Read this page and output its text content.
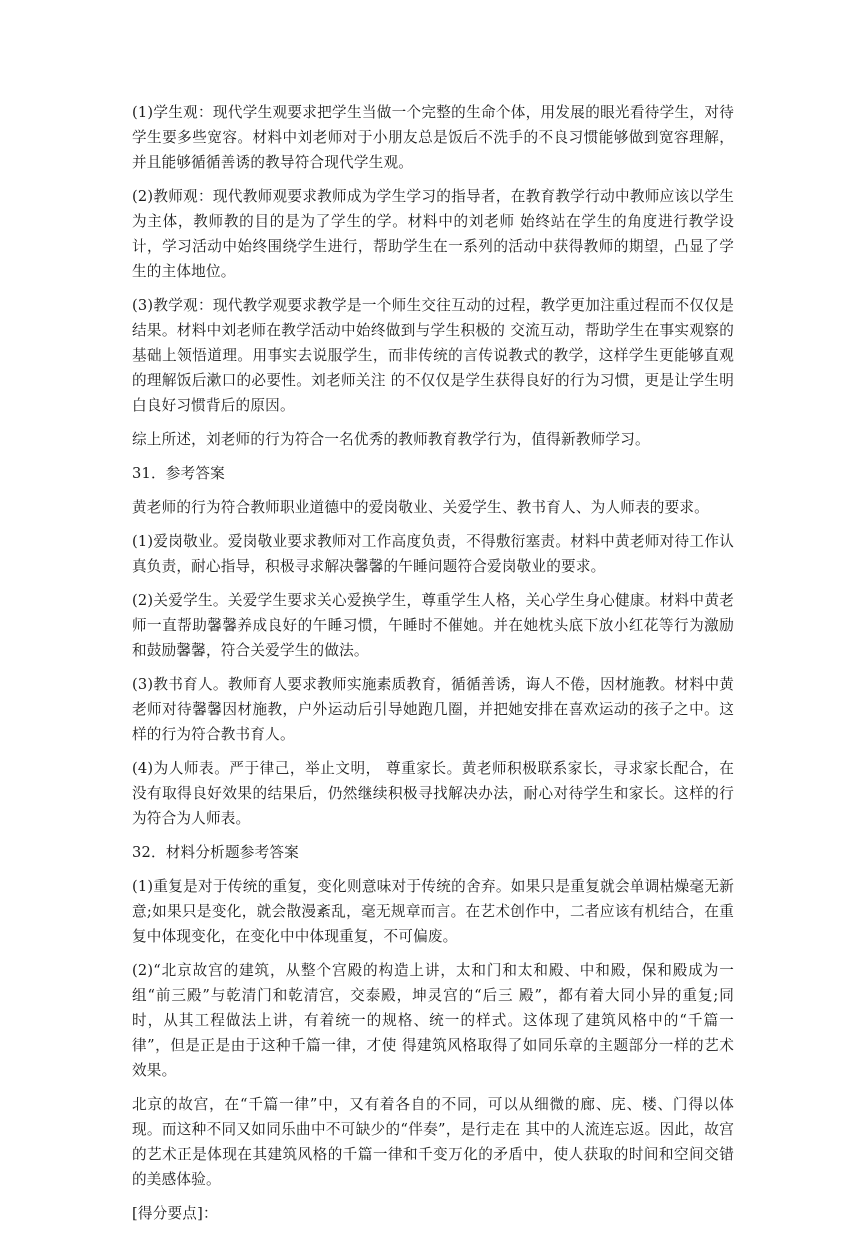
(1)学生观：现代学生观要求把学生当做一个完整的生命个体，用发展的眼光看待学生，对待学生要多些宽容。材料中刘老师对于小朋友总是饭后不洗手的不良习惯能够做到宽容理解，并且能够循循善诱的教导符合现代学生观。

(2)教师观：现代教师观要求教师成为学生学习的指导者，在教育教学行动中教师应该以学生为主体，教师教的目的是为了学生的学。材料中的刘老师 始终站在学生的角度进行教学设计，学习活动中始终围绕学生进行，帮助学生在一系列的活动中获得教师的期望，凸显了学生的主体地位。

(3)教学观：现代教学观要求教学是一个师生交往互动的过程，教学更加注重过程而不仅仅是结果。材料中刘老师在教学活动中始终做到与学生积极的 交流互动，帮助学生在事实观察的基础上领悟道理。用事实去说服学生，而非传统的言传说教式的教学，这样学生更能够直观的理解饭后漱口的必要性。刘老师关注 的不仅仅是学生获得良好的行为习惯，更是让学生明白良好习惯背后的原因。

综上所述，刘老师的行为符合一名优秀的教师教育教学行为，值得新教师学习。

31．参考答案

黄老师的行为符合教师职业道德中的爱岗敬业、关爱学生、教书育人、为人师表的要求。

(1)爱岗敬业。爱岗敬业要求教师对工作高度负责，不得敷衍塞责。材料中黄老师对待工作认真负责，耐心指导，积极寻求解决馨馨的午睡问题符合爱岗敬业的要求。

(2)关爱学生。关爱学生要求关心爱换学生，尊重学生人格，关心学生身心健康。材料中黄老师一直帮助馨馨养成良好的午睡习惯，午睡时不催她。并在她枕头底下放小红花等行为激励和鼓励馨馨，符合关爱学生的做法。

(3)教书育人。教师育人要求教师实施素质教育，循循善诱，诲人不倦，因材施教。材料中黄老师对待馨馨因材施教，户外运动后引导她跑几圈，并把她安排在喜欢运动的孩子之中。这样的行为符合教书育人。

(4)为人师表。严于律己，举止文明， 尊重家长。黄老师积极联系家长，寻求家长配合，在没有取得良好效果的结果后，仍然继续积极寻找解决办法，耐心对待学生和家长。这样的行为符合为人师表。

32．材料分析题参考答案

(1)重复是对于传统的重复，变化则意味对于传统的舍弃。如果只是重复就会单调枯燥毫无新意;如果只是变化，就会散漫紊乱，毫无规章而言。在艺术创作中，二者应该有机结合，在重复中体现变化，在变化中中体现重复，不可偏废。

(2)“北京故宫的建筑，从整个宫殿的构造上讲，太和门和太和殿、中和殿，保和殿成为一组“前三殿”与乾清门和乾清宫，交泰殿，坤灵宫的“后三 殿”，都有着大同小异的重复;同时，从其工程做法上讲，有着统一的规格、统一的样式。这体现了建筑风格中的“千篇一律”，但是正是由于这种千篇一律，才使 得建筑风格取得了如同乐章的主题部分一样的艺术效果。

北京的故宫，在“千篇一律”中，又有着各自的不同，可以从细微的廊、庑、楼、门得以体现。而这种不同又如同乐曲中不可缺少的“伴奏”，是行走在 其中的人流连忘返。因此，故宫的艺术正是体现在其建筑风格的千篇一律和千变万化的矛盾中，使人获取的时间和空间交错的美感体验。

[得分要点]：
